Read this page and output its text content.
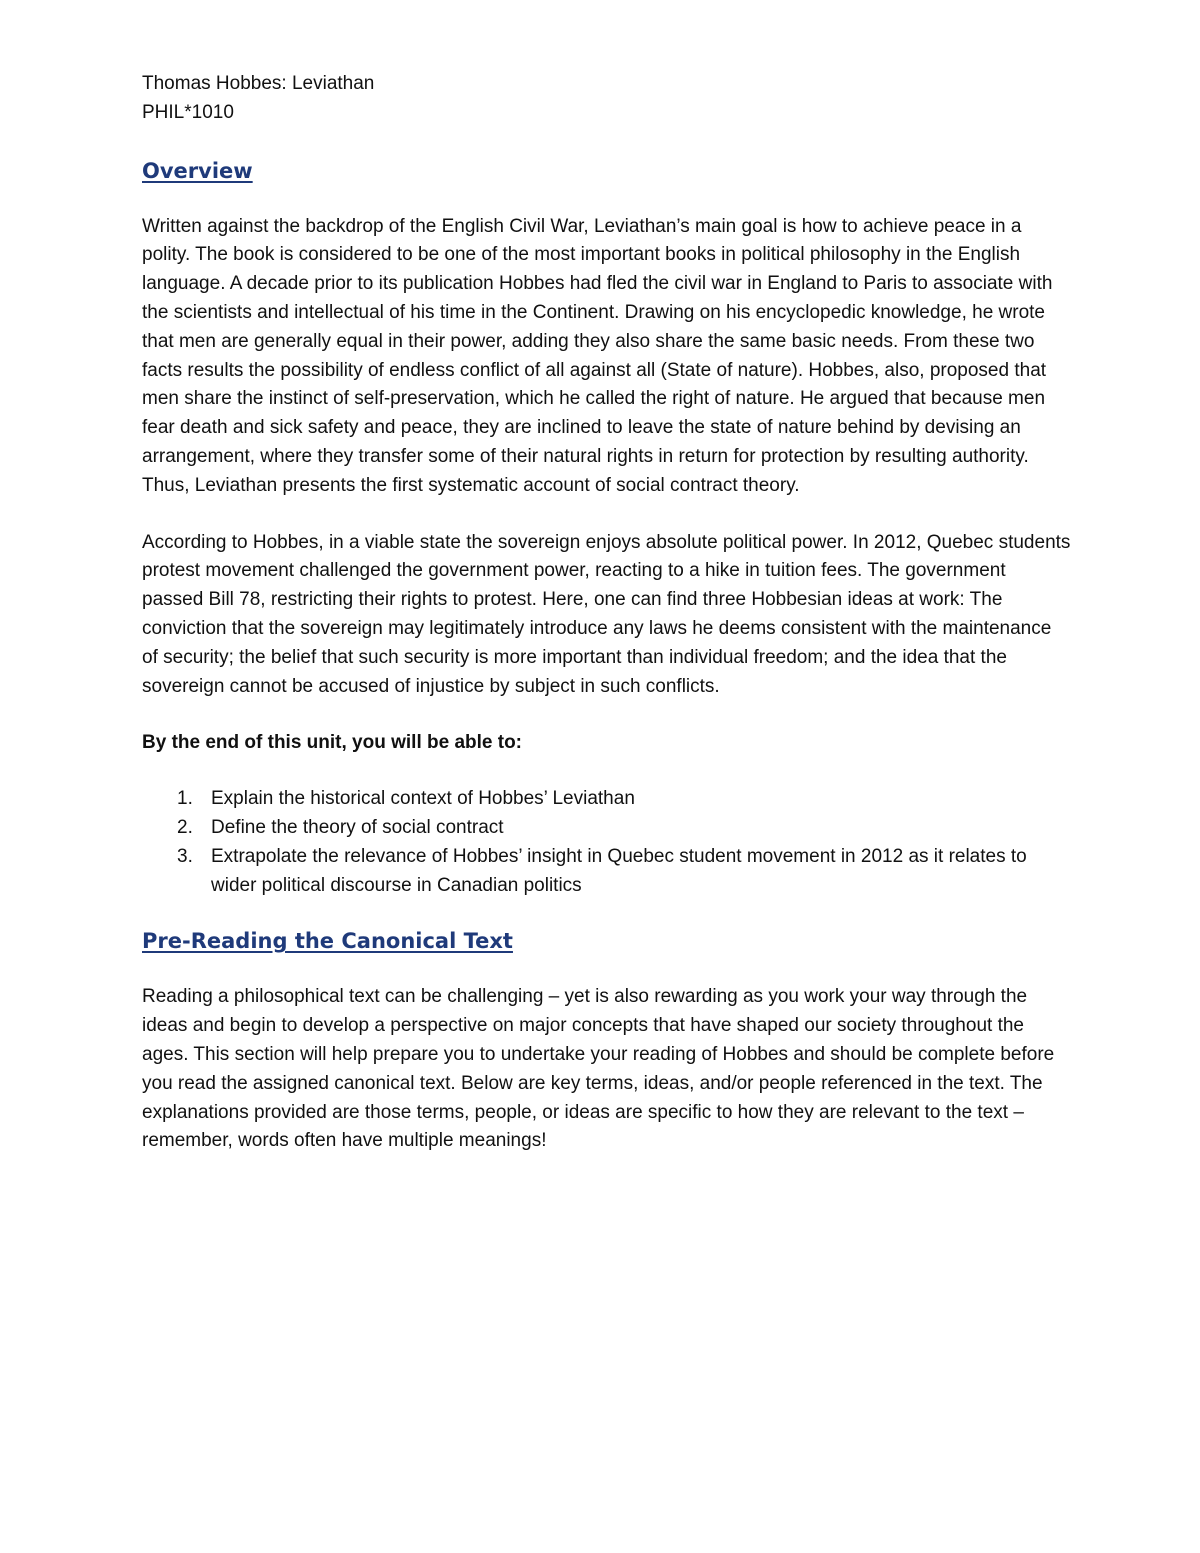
Thomas Hobbes: Leviathan

PHIL*1010

Overview

Written against the backdrop of the English Civil War, Leviathan’s main goal is how to achieve peace in a polity. The book is considered to be one of the most important books in political philosophy in the English language. A decade prior to its publication Hobbes had fled the civil war in England to Paris to associate with the scientists and intellectual of his time in the Continent. Drawing on his encyclopedic knowledge, he wrote that men are generally equal in their power, adding they also share the same basic needs. From these two facts results the possibility of endless conflict of all against all (State of nature). Hobbes, also, proposed that men share the instinct of self-preservation, which he called the right of nature. He argued that because men fear death and sick safety and peace, they are inclined to leave the state of nature behind by devising an arrangement, where they transfer some of their natural rights in return for protection by resulting authority. Thus, Leviathan presents the first systematic account of social contract theory.

According to Hobbes, in a viable state the sovereign enjoys absolute political power. In 2012, Quebec students protest movement challenged the government power, reacting to a hike in tuition fees. The government passed Bill 78, restricting their rights to protest. Here, one can find three Hobbesian ideas at work: The conviction that the sovereign may legitimately introduce any laws he deems consistent with the maintenance of security; the belief that such security is more important than individual freedom; and the idea that the sovereign cannot be accused of injustice by subject in such conflicts.

By the end of this unit, you will be able to:

1. Explain the historical context of Hobbes’ Leviathan
2. Define the theory of social contract
3. Extrapolate the relevance of Hobbes’ insight in Quebec student movement in 2012 as it relates to wider political discourse in Canadian politics
Pre-Reading the Canonical Text

Reading a philosophical text can be challenging – yet is also rewarding as you work your way through the ideas and begin to develop a perspective on major concepts that have shaped our society throughout the ages. This section will help prepare you to undertake your reading of Hobbes and should be complete before you read the assigned canonical text. Below are key terms, ideas, and/or people referenced in the text. The explanations provided are those terms, people, or ideas are specific to how they are relevant to the text – remember, words often have multiple meanings!
